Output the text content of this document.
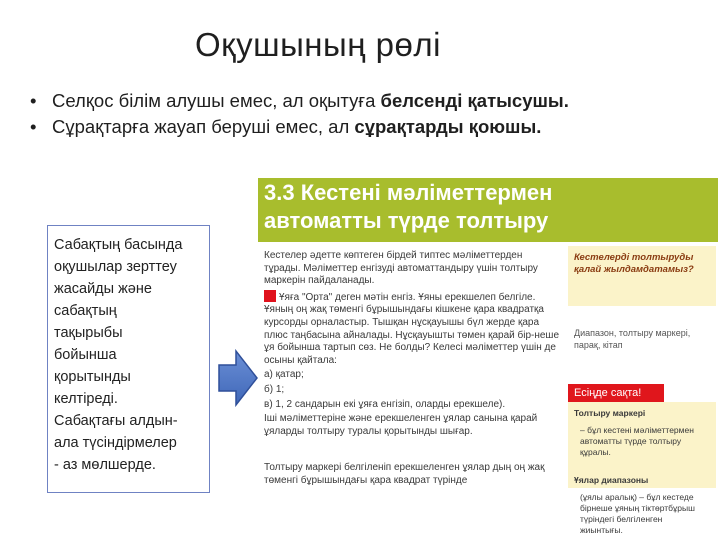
Оқушының рөлі
• Селқос білім алушы емес, ал оқытуға белсенді қатысушы.
• Сұрақтарға жауап беруші емес, ал сұрақтарды қоюшы.
Сабақтың басында
оқушылар зерттеу
жасайды және
сабақтың
тақырыбы
бойынша
қорытынды
келтіреді.
Сабақтағы алдын-
ала түсіндірмелер
- аз мөлшерде.
3.3 Кестені мәліметтермен
автоматты түрде толтыру

Кестелер әдетте көптеген бірдей типтес мәліметтерден тұрады. Мәліметтер енгізуді автоматтандыру үшін толтыру маркерін пайдаланады.

Ұяға "Орта" деген мәтін енгіз. Ұяны ерекшелеп белгіле. Ұяның оң жақ төменгі бұрышындағы кішкене қара квадратқа курсорды орналастыр. Тышқан нұсқауышы бүл жерде қара плюс таңбасына айналады. Нұсқауышты төмен қарай бір-неше ұя бойынша тартып сөз. Не болды? Келесі мәліметтер үшін де осыны қайтала:

а) қатар;

б) 1;

в) 1, 2 сандарын екі ұяға енгізіп, оларды ерекшеле).

Іші мәліметтеріне және ерекшеленген ұялар санына қарай ұяларды толтыру туралы қорытынды шығар.

Толтыру маркері белгіленіп ерекшеленген ұялар дың оң жақ төменгі бұрышындағы қара квадрат түрінде
Кестелерді толтыруды қалай жылдамдатамыз?
Диапазон, толтыру маркері, парақ, кітап
Есіңде сақта!
Толтыру маркері
– бұл кестені мәліметтермен автоматты түрде толтыру құралы.

Ұялар диапазоны
(ұялы аралық) – бұл кестеде бірнеше ұяның тіктөртбұрыш түріндегі белгіленген жиынтығы.
